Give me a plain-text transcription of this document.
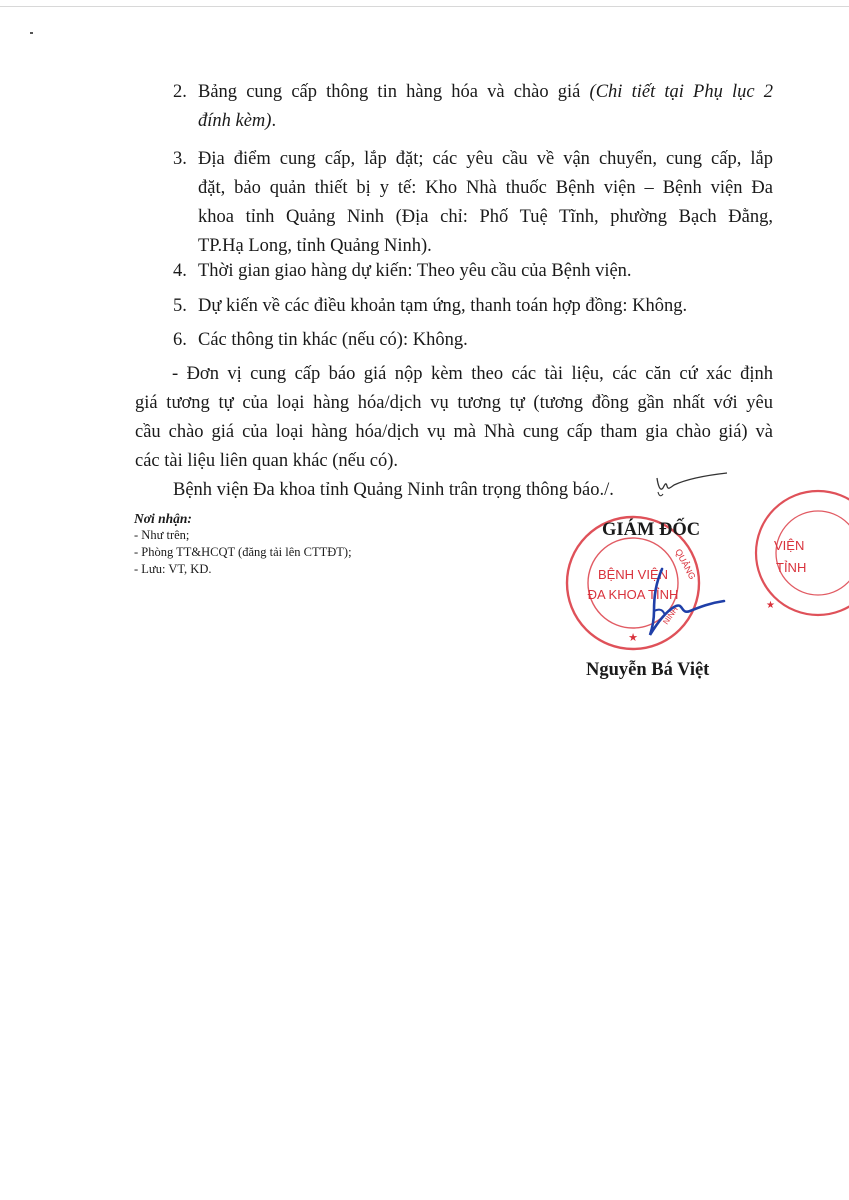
2. Bảng cung cấp thông tin hàng hóa và chào giá (Chi tiết tại Phụ lục 2
đính kèm).
3. Địa điểm cung cấp, lắp đặt; các yêu cầu về vận chuyển, cung cấp, lắp
đặt, bảo quản thiết bị y tế: Kho Nhà thuốc Bệnh viện – Bệnh viện Đa
khoa tỉnh Quảng Ninh (Địa chỉ: Phố Tuệ Tĩnh, phường Bạch Đằng,
TP.Hạ Long, tỉnh Quảng Ninh).
4. Thời gian giao hàng dự kiến: Theo yêu cầu của Bệnh viện.
5. Dự kiến về các điều khoản tạm ứng, thanh toán hợp đồng: Không.
6. Các thông tin khác (nếu có): Không.
- Đơn vị cung cấp báo giá nộp kèm theo các tài liệu, các căn cứ xác định
giá tương tự của loại hàng hóa/dịch vụ tương tự (tương đồng gần nhất với yêu
cầu chào giá của loại hàng hóa/dịch vụ mà Nhà cung cấp tham gia chào giá) và
các tài liệu liên quan khác (nếu có).
Bệnh viện Đa khoa tỉnh Quảng Ninh trân trọng thông báo./.
Nơi nhận:
- Như trên;
- Phòng TT&HCQT (đăng tải lên CTTĐT);
- Lưu: VT, KD.	BỆNH VIỆN
ĐA KHOA TỈNH
QUẢNG
NINH
★
GIÁM ĐỐC
VIỆN
TỈNH
★
Nguyễn Bá Việt
